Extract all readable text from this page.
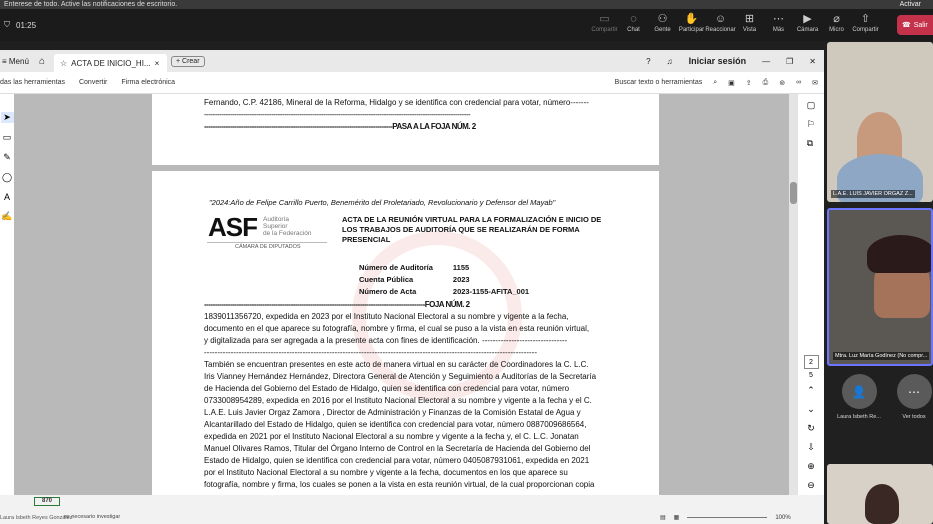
Enterese de todo. Active las notificaciones de escritorio.	Activar
⛉ 01:25	▭
Compartir
◌
Chat
⚇
Gente
✋
Participar
☺
Reaccionar
⊞
Vista
⋯
Más
▶
Cámara
⌀
Micro
⇧
Compartir
☎ Salir
≡ Menú	⌂	☆ ACTA DE INICIO_HI... ×	+ Crear	? ♫ Iniciar sesión — ❐ ✕
das las herramientas Convertir Firma electrónica	Buscar texto o herramientas ⌕ ▣ ⇪ ⎙ ⊚ ∞ ✉
➤
▭
✎
◯
A
✍
Fernando, C.P. 42186, Mineral de la Reforma, Hidalgo y se identifica con credencial para votar, número-------
---------------------------------------------------------------------------------------------------------------------------
---------------------------------------------------------------------------------------PASA A LA FOJA NÚM. 2
"2024:Año de Felipe Carrillo Puerto, Benemérito del Proletariado, Revolucionario y Defensor del Mayab"
ASF Auditoría
Superior
de la Federación
CÁMARA DE DIPUTADOS
ACTA DE LA REUNIÓN VIRTUAL PARA LA FORMALIZACIÓN E INICIO DE LOS TRABAJOS DE AUDITORÍA QUE SE REALIZARÁN DE FORMA PRESENCIAL
Número de Auditoría	1155
Cuenta Pública	2023
Número de Acta	2023-1155-AFITA_001
------------------------------------------------------------------------------------------------------FOJA NÚM. 2
1839011356720, expedida en 2023 por el Instituto Nacional Electoral a su nombre y vigente a la fecha,
documento en el que aparece su fotografía, nombre y firma, el cual se puso a la vista en esta reunión virtual,
y digitalizada para ser agregada a la presente acta con fines de identificación. --------------------------------
-----------------------------------------------------------------------------------------------------------------------------
También se encuentran presentes en este acto de manera virtual en su carácter de Coordinadores la C. L.C.
Iris Vianney Hernández Hernández, Directora General de Atención y Seguimiento a Auditorías de la Secretaría
de Hacienda del Gobierno del Estado de Hidalgo, quien se identifica con credencial para votar, número
0733008954289, expedida en 2016 por el Instituto Nacional Electoral a su nombre y vigente a la fecha y el C.
L.A.E. Luis Javier Orgaz Zamora , Director de Administración y Finanzas de la Comisión Estatal de Agua y
Alcantarillado del Estado de Hidalgo, quien se identifica con credencial para votar, número 0887009686564,
expedida en 2021 por el Instituto Nacional Electoral a su nombre y vigente a la fecha y, el C. L.C. Jonatan
Manuel Olivares Ramos, Titular del Órgano Interno de Control en la Secretaría de Hacienda del Gobierno del
Estado de Hidalgo, quien se identifica con credencial para votar, número 0405087931061, expedida en 2021
por el Instituto Nacional Electoral a su nombre y vigente a la fecha, documentos en los que aparece su
fotografía, nombre y firma, los cuales se ponen a la vista en esta reunión virtual, de la cual proporcionan copia
▢
⚐
⧉
2
5
⌃
⌄
↻
⇩
⊕
⊖
870
Laura Isbeth Reyes González
es necesario investigar	▤ ▦	100%
L.A.E. LUIS JAVIER ORGAZ Z...
Mtra. Luz María Godínez (No compr...
👤
Laura Isbeth Re...
⋯
Ver todos
